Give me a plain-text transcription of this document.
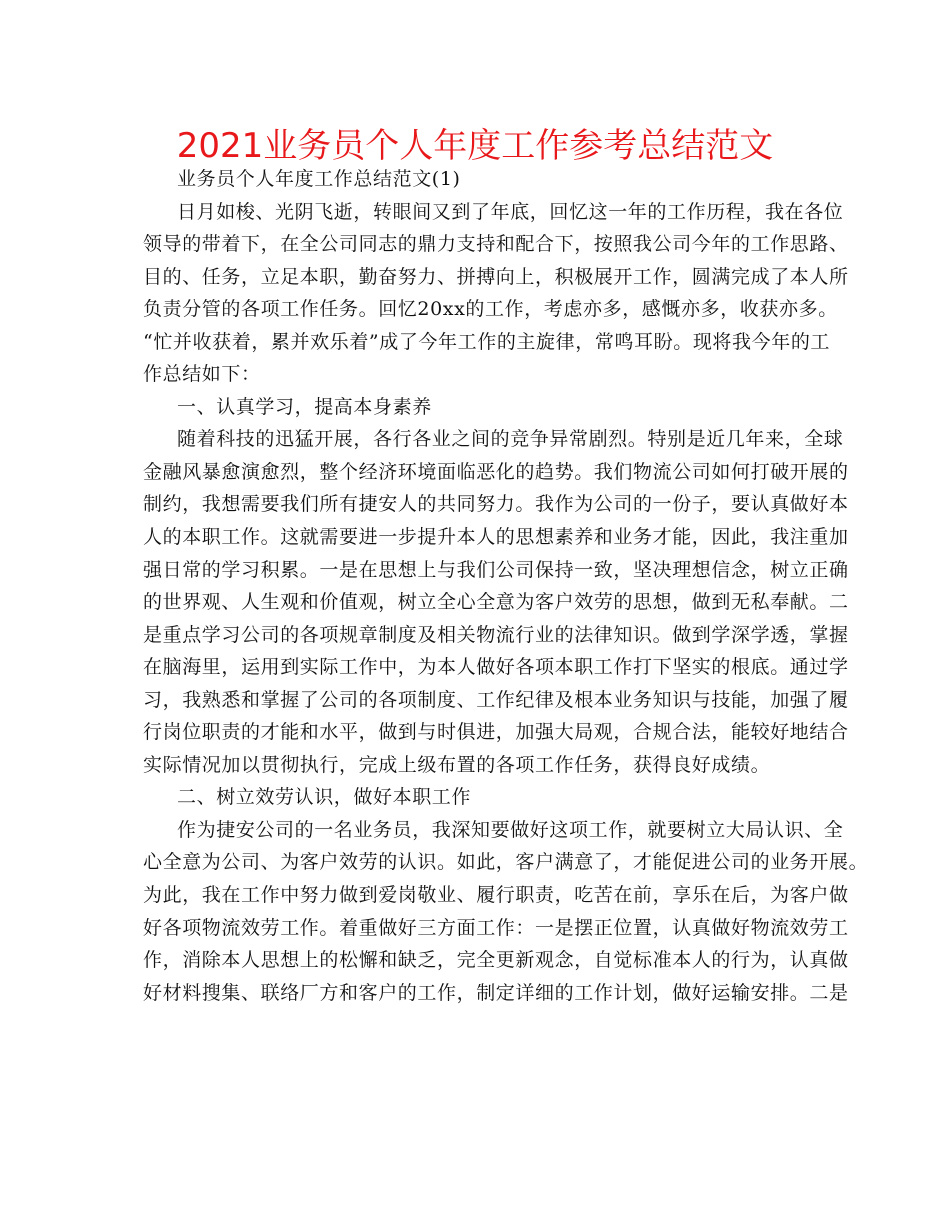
2021业务员个人年度工作参考总结范文
业务员个人年度工作总结范文(1)
日月如梭、光阴飞逝，转眼间又到了年底，回忆这一年的工作历程，我在各位
领导的带着下，在全公司同志的鼎力支持和配合下，按照我公司今年的工作思路、
目的、任务，立足本职，勤奋努力、拼搏向上，积极展开工作，圆满完成了本人所
负责分管的各项工作任务。回忆20xx的工作，考虑亦多，感慨亦多，收获亦多。
“忙并收获着，累并欢乐着”成了今年工作的主旋律，常鸣耳盼。现将我今年的工
作总结如下：
一、认真学习，提高本身素养
随着科技的迅猛开展，各行各业之间的竞争异常剧烈。特别是近几年来，全球
金融风暴愈演愈烈，整个经济环境面临恶化的趋势。我们物流公司如何打破开展的
制约，我想需要我们所有捷安人的共同努力。我作为公司的一份子，要认真做好本
人的本职工作。这就需要进一步提升本人的思想素养和业务才能，因此，我注重加
强日常的学习积累。一是在思想上与我们公司保持一致，坚决理想信念，树立正确
的世界观、人生观和价值观，树立全心全意为客户效劳的思想，做到无私奉献。二
是重点学习公司的各项规章制度及相关物流行业的法律知识。做到学深学透，掌握
在脑海里，运用到实际工作中，为本人做好各项本职工作打下坚实的根底。通过学
习，我熟悉和掌握了公司的各项制度、工作纪律及根本业务知识与技能，加强了履
行岗位职责的才能和水平，做到与时俱进，加强大局观，合规合法，能较好地结合
实际情况加以贯彻执行，完成上级布置的各项工作任务，获得良好成绩。
二、树立效劳认识，做好本职工作
作为捷安公司的一名业务员，我深知要做好这项工作，就要树立大局认识、全
心全意为公司、为客户效劳的认识。如此，客户满意了，才能促进公司的业务开展。
为此，我在工作中努力做到爱岗敬业、履行职责，吃苦在前，享乐在后，为客户做
好各项物流效劳工作。着重做好三方面工作：一是摆正位置，认真做好物流效劳工
作，消除本人思想上的松懈和缺乏，完全更新观念，自觉标准本人的行为，认真做
好材料搜集、联络厂方和客户的工作，制定详细的工作计划，做好运输安排。二是
